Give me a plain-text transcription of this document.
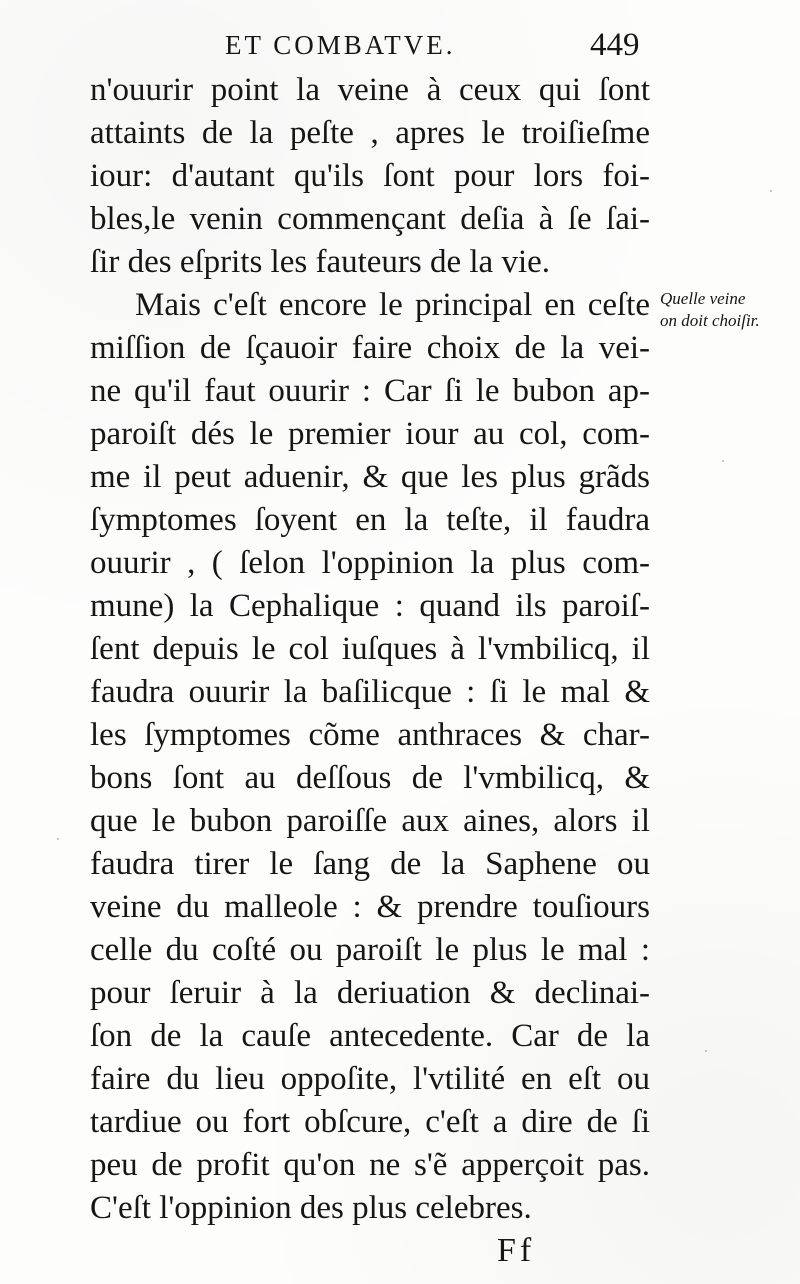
ET COMBATVE.	449
n'ouurir point la veine à ceux qui ſont
attaints de la peſte , apres le troiſieſme
iour: d'autant qu'ils ſont pour lors foi-
bles,le venin commençant deſia à ſe ſai-
ſir des eſprits les fauteurs de la vie.
Mais c'eſt encore le principal en ceſte
miſſion de ſçauoir faire choix de la vei-
ne qu'il faut ouurir : Car ſi le bubon ap-
paroiſt dés le premier iour au col, com-
me il peut aduenir, & que les plus grãds
ſymptomes ſoyent en la teſte, il faudra
ouurir , ( ſelon l'oppinion la plus com-
mune) la Cephalique : quand ils paroiſ-
ſent depuis le col iuſques à l'vmbilicq, il
faudra ouurir la baſilicque : ſi le mal &
les ſymptomes cõme anthraces & char-
bons ſont au deſſous de l'vmbilicq, &
que le bubon paroiſſe aux aines, alors il
faudra tirer le ſang de la Saphene ou
veine du malleole : & prendre touſiours
celle du coſté ou paroiſt le plus le mal :
pour ſeruir à la deriuation & declinai-
ſon de la cauſe antecedente. Car de la
faire du lieu oppoſite, l'vtilité en eſt ou
tardiue ou fort obſcure, c'eſt a dire de ſi
peu de profit qu'on ne s'ẽ apperçoit pas.
C'eſt l'oppinion des plus celebres.
Quelle veine
on doit choiſir.
Ff
